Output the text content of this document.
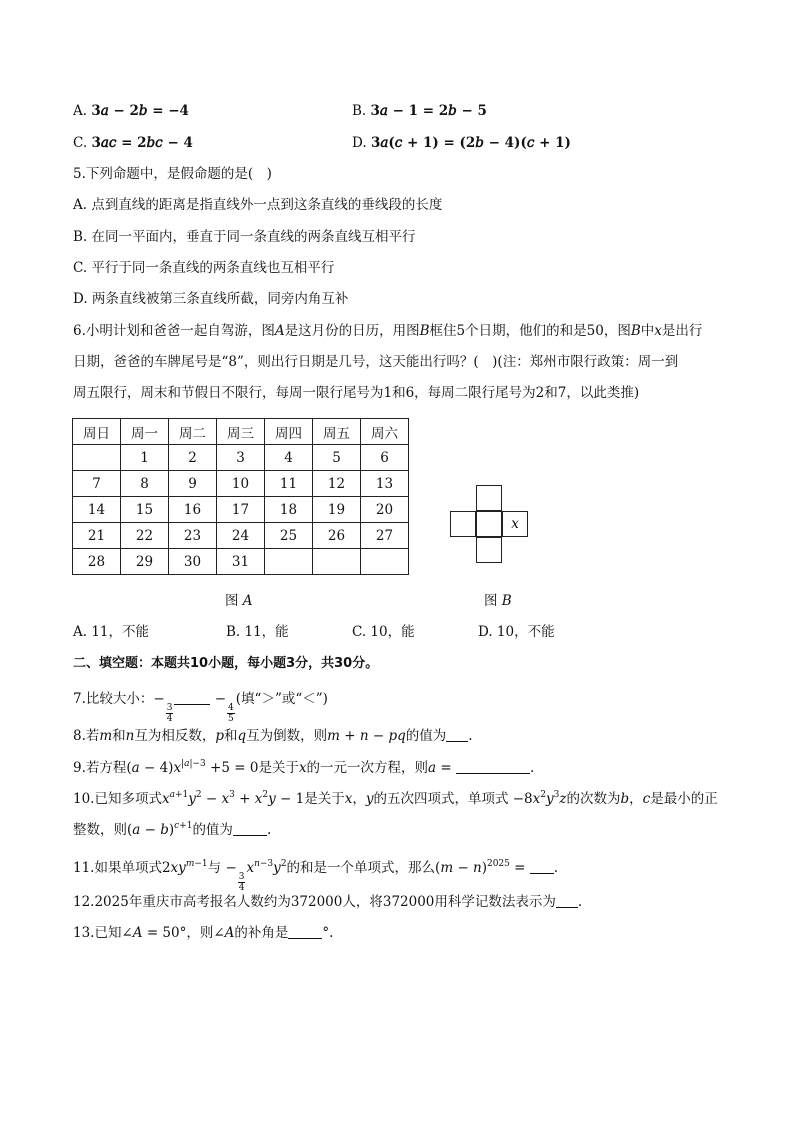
A. 3𝑎 − 2𝑏 = −4	B. 3𝑎 − 1 = 2𝑏 − 5
C. 3𝑎𝑐 = 2𝑏𝑐 − 4	D. 3𝑎(𝑐 + 1) = (2𝑏 − 4)(𝑐 + 1)
5.下列命题中，是假命题的是(　)
A. 点到直线的距离是指直线外一点到这条直线的垂线段的长度
B. 在同一平面内，垂直于同一条直线的两条直线互相平行
C. 平行于同一条直线的两条直线也互相平行
D. 两条直线被第三条直线所截，同旁内角互补
6.小明计划和爸爸一起自驾游，图𝐴是这月份的日历，用图𝐵框住5个日期，他们的和是50，图𝐵中𝑥是出行
日期，爸爸的车牌尾号是“8”，则出行日期是几号，这天能出行吗？(　)(注：郑州市限行政策：周一到
周五限行，周末和节假日不限行，每周一限行尾号为1和6，每周二限行尾号为2和7，以此类推)
周日	周一	周二	周三	周四	周五	周六
	1	2	3	4	5	6
7	8	9	10	11	12	13
14	15	16	17	18	19	20
21	22	23	24	25	26	27
28	29	30	31			
𝑥
图 𝐴	图 𝐵
A. 11，不能	B. 11，能	C. 10，能	D. 10，不能
二、填空题：本题共10小题，每小题3分，共30分。
7.比较大小：−
$\frac{3}{4}$
−
$\frac{4}{5}$
(填“＞”或“＜”)
8.若𝑚和𝑛互为相反数，𝑝和𝑞互为倒数，则𝑚 + 𝑛 − 𝑝𝑞的值为 .
9.若方程(𝑎 − 4)𝑥$^{|𝑎|-3}$ +5 = 0是关于𝑥的一元一次方程，则𝑎 =	.
10.已知多项式𝑥$^{𝑎+1}$𝑦$^2$ − 𝑥$^3$ + 𝑥$^2$𝑦 − 1是关于𝑥，𝑦的五次四项式，单项式 −8𝑥$^2$𝑦$^3$𝑧的次数为𝑏，𝑐是最小的正
整数，则(𝑎 − 𝑏)$^{𝑐+1}$的值为	.
11.如果单项式2𝑥𝑦$^{𝑚-1}$与 −
$\frac{3}{4}$
𝑥$^{𝑛-3}$𝑦$^2$的和是一个单项式，那么(𝑚 − 𝑛)$^{2025}$ = .
12.2025年重庆市高考报名人数约为372000人，将372000用科学记数法表示为 .
13.已知∠𝐴 = 50°，则∠𝐴的补角是	°.
